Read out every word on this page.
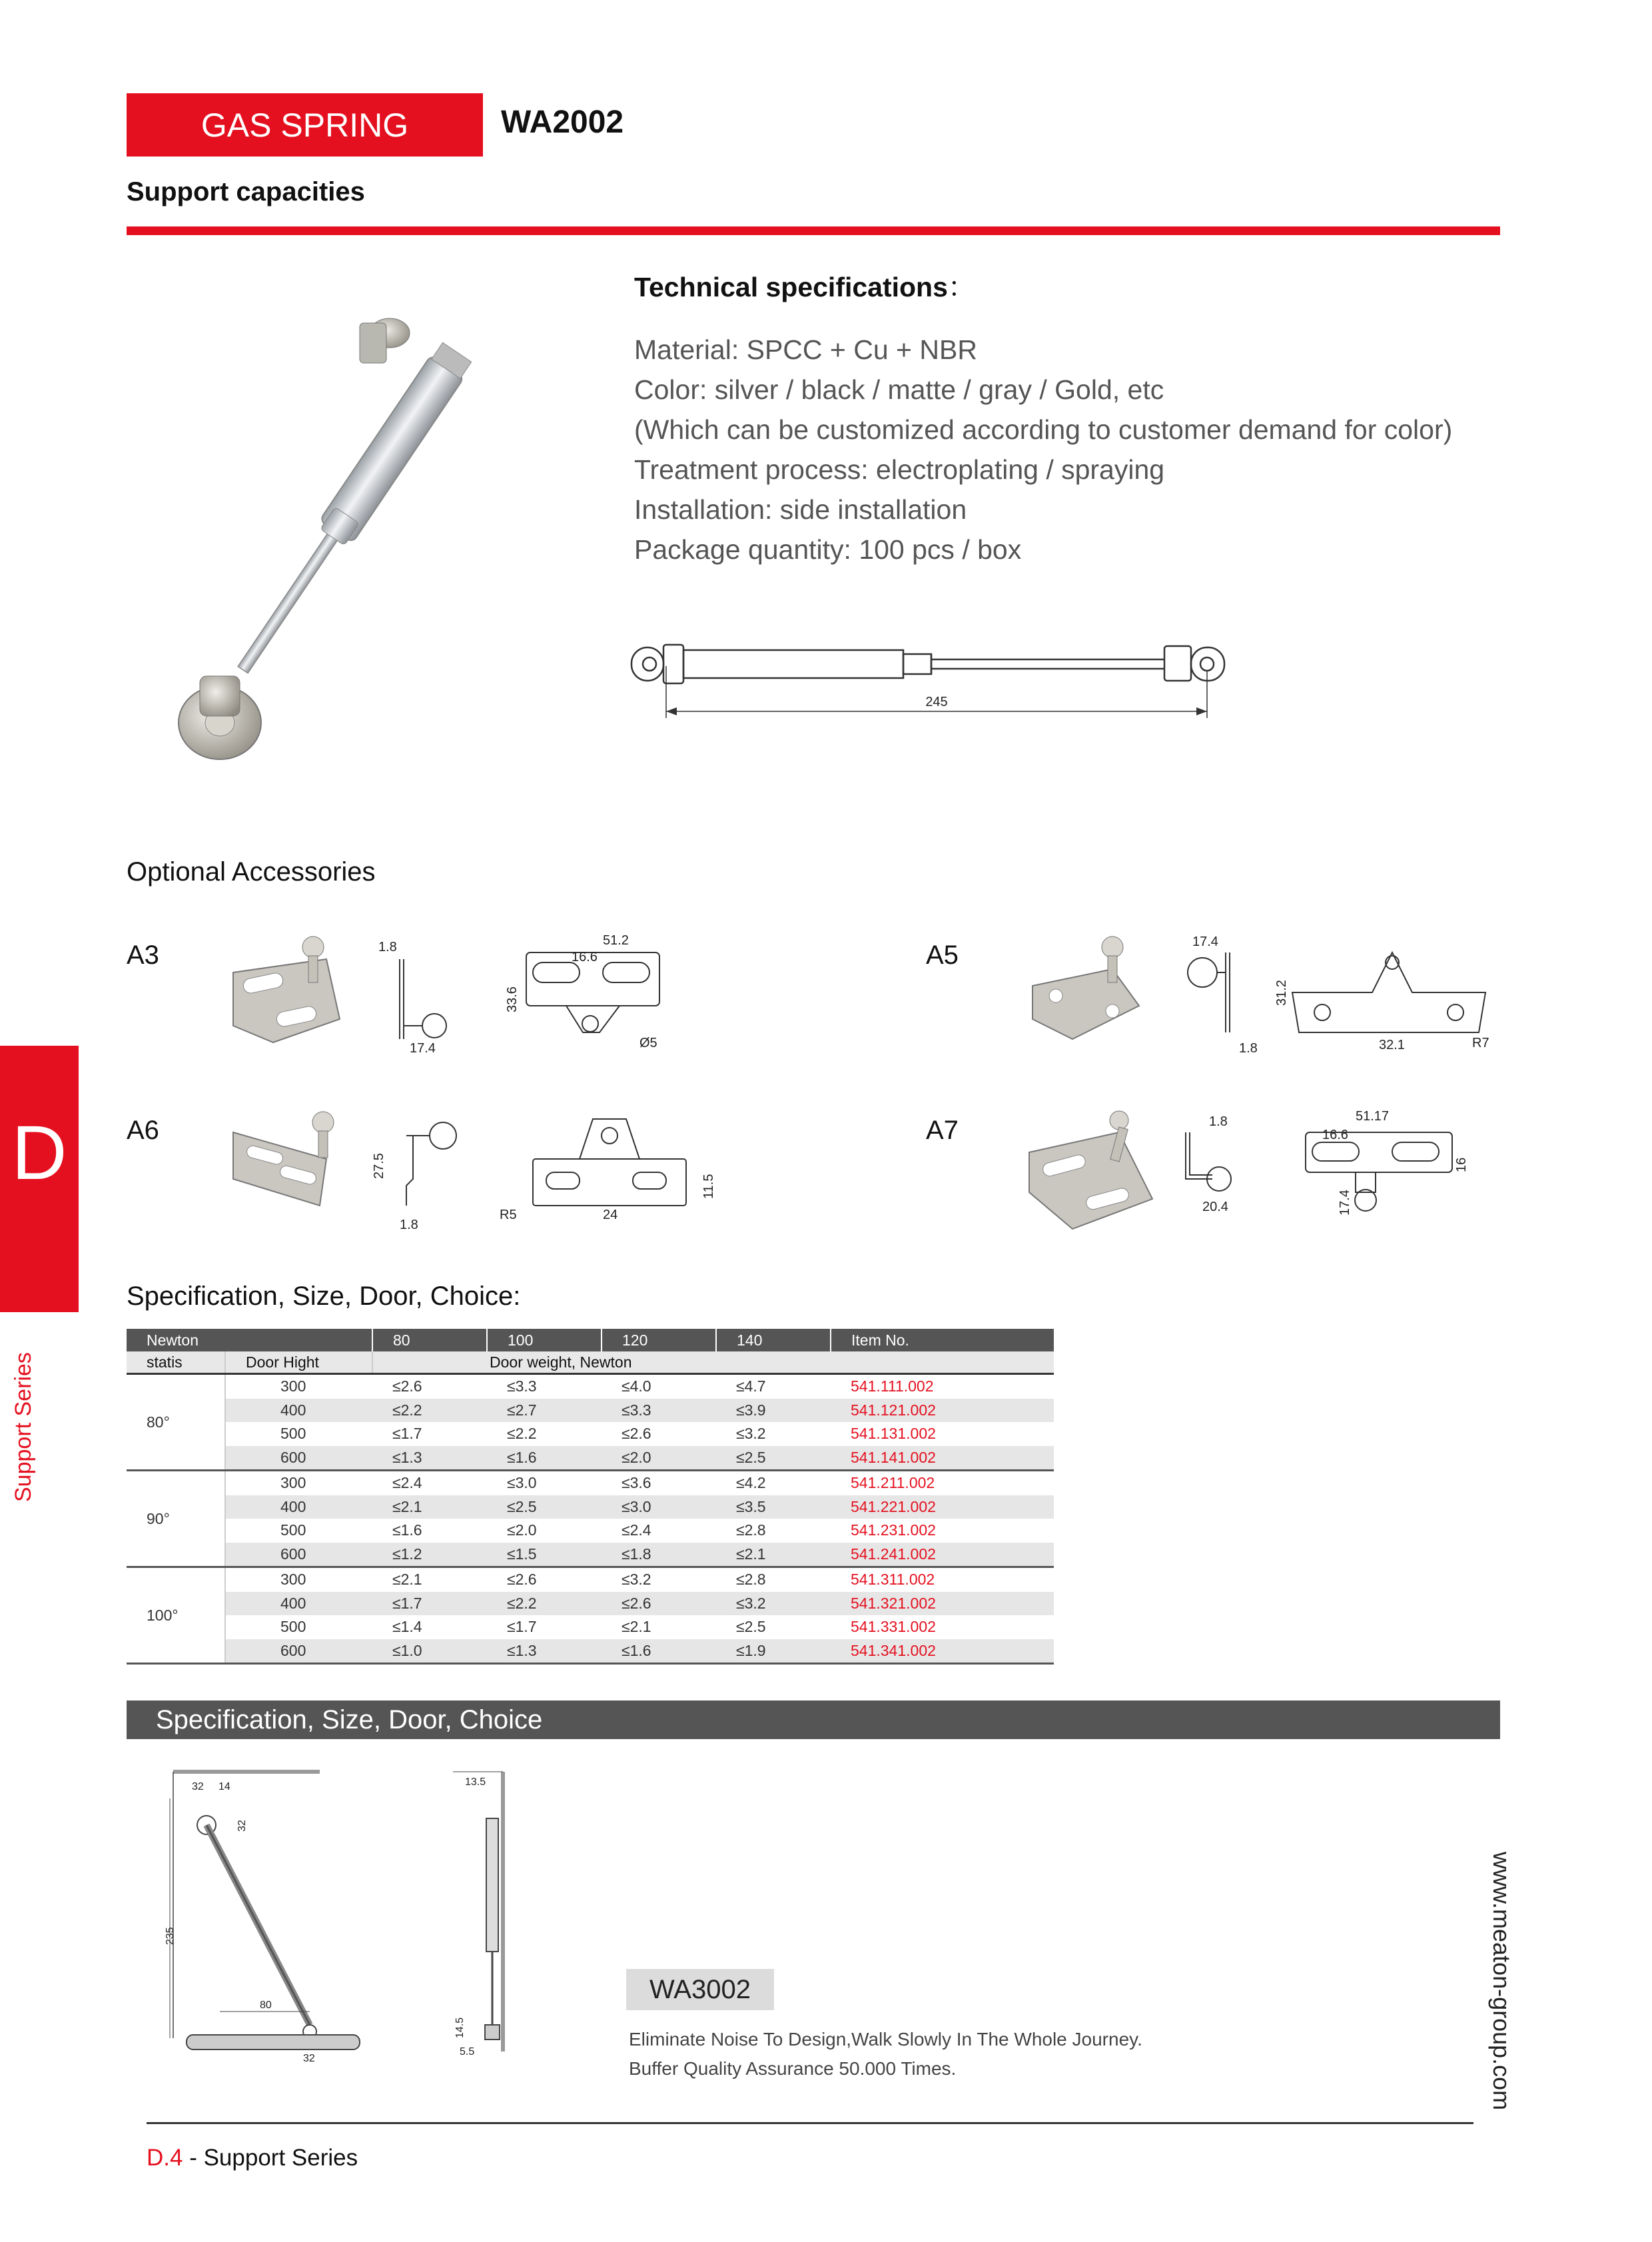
GAS SPRING	WA2002
Support capacities
Technical specifications：
Material: SPCC + Cu + NBR
Color: silver / black / matte / gray / Gold, etc
(Which can be customized according to customer demand for color)
Treatment process: electroplating / spraying
Installation: side installation
Package quantity: 100 pcs / box
245
Optional Accessories
A3	1.8
17.4
51.2
16.6
33.6
Ø5
A5	17.4
1.8
31.2
32.1	R7
A6
27.5
1.8
R5	24
11.5
A7	1.8
20.4
51.17
16.6
16
17.4
D
Support Series
Specification, Size, Door, Choice:
Newton		80	100	120	140	Item No.
statis	Door Hight	Door weight, Newton				
80°	300	≤2.6	≤3.3	≤4.0	≤4.7	541.111.002
	400	≤2.2	≤2.7	≤3.3	≤3.9	541.121.002
	500	≤1.7	≤2.2	≤2.6	≤3.2	541.131.002
	600	≤1.3	≤1.6	≤2.0	≤2.5	541.141.002
90°	300	≤2.4	≤3.0	≤3.6	≤4.2	541.211.002
	400	≤2.1	≤2.5	≤3.0	≤3.5	541.221.002
	500	≤1.6	≤2.0	≤2.4	≤2.8	541.231.002
	600	≤1.2	≤1.5	≤1.8	≤2.1	541.241.002
100°	300	≤2.1	≤2.6	≤3.2	≤2.8	541.311.002
	400	≤1.7	≤2.2	≤2.6	≤3.2	541.321.002
	500	≤1.4	≤1.7	≤2.1	≤2.5	541.331.002
	600	≤1.0	≤1.3	≤1.6	≤1.9	541.341.002
Specification, Size, Door, Choice
32 14
32
235
80
32
13.5
14.5
5.5
WA3002
Eliminate Noise To Design,Walk Slowly In The Whole Journey.
Buffer Quality Assurance 50.000 Times.	www.meaton-group.com
D.4 - Support Series
